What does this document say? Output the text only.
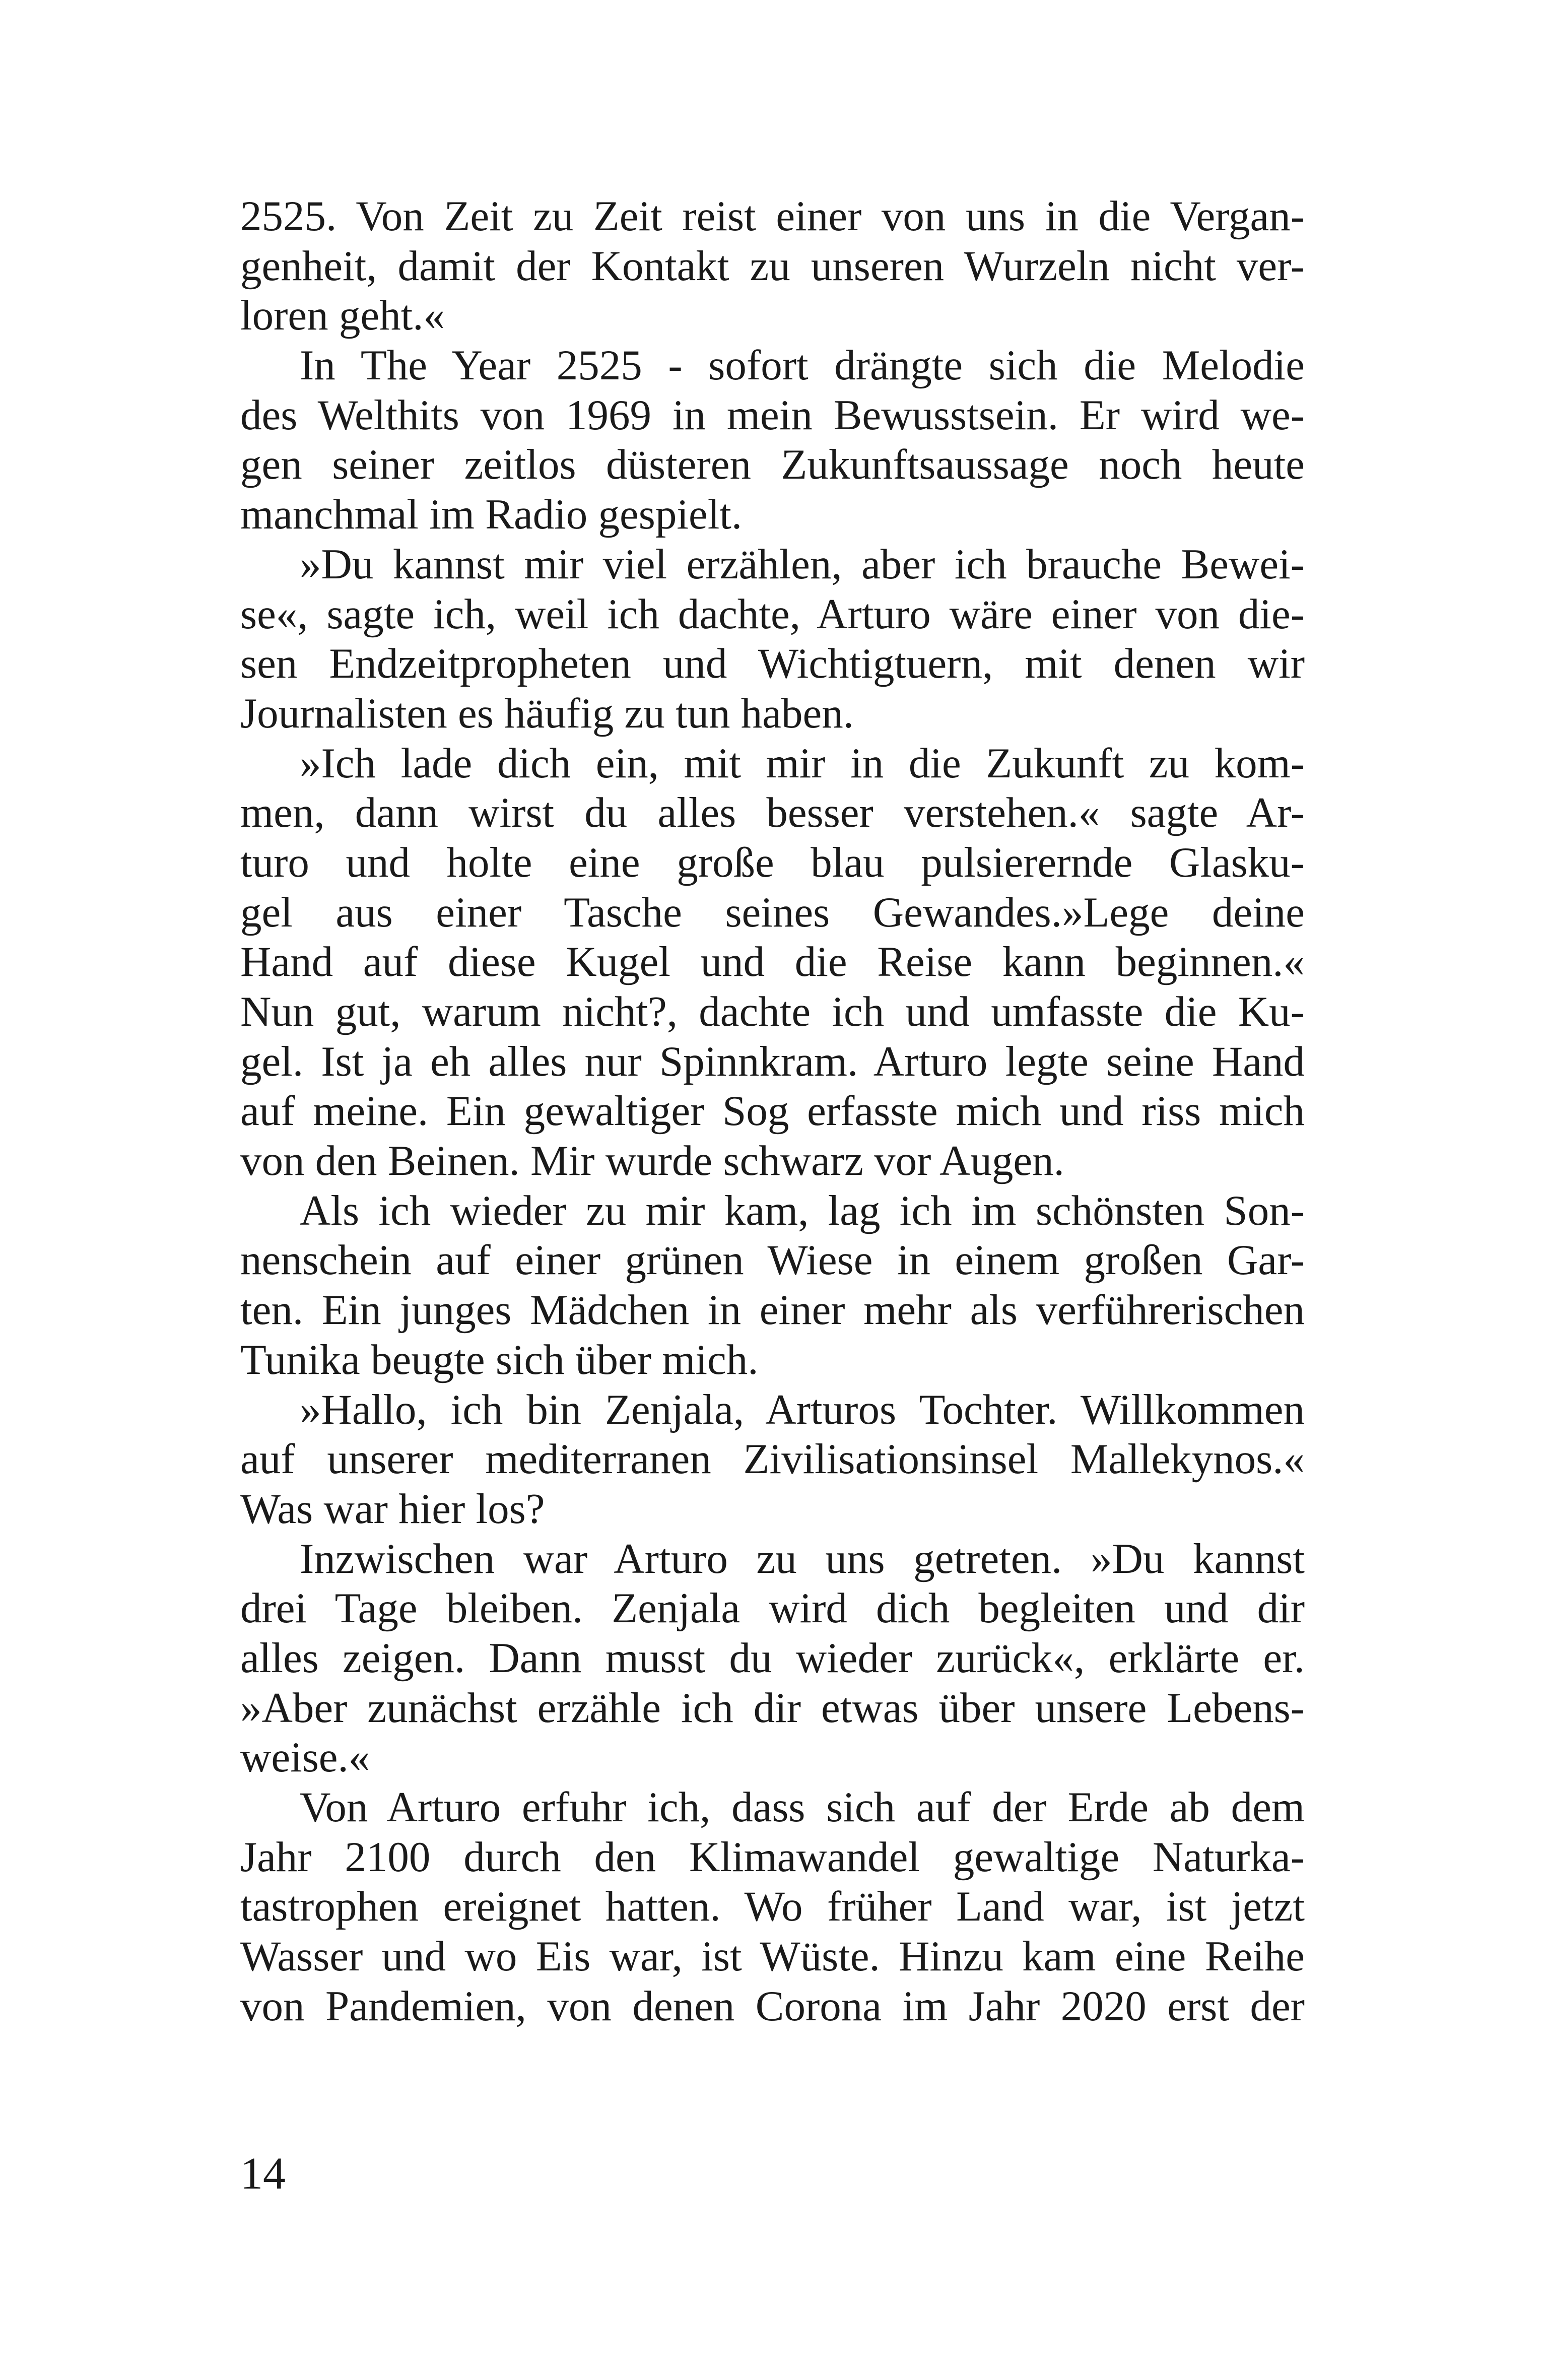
2525. Von Zeit zu Zeit reist einer von uns in die Vergan-
genheit, damit der Kontakt zu unseren Wurzeln nicht ver-
loren geht.«
In The Year 2525 - sofort drängte sich die Melodie
des Welthits von 1969 in mein Bewusstsein. Er wird we-
gen seiner zeitlos düsteren Zukunftsaussage noch heute
manchmal im Radio gespielt.
»Du kannst mir viel erzählen, aber ich brauche Bewei-
se«, sagte ich, weil ich dachte, Arturo wäre einer von die-
sen Endzeitpropheten und Wichtigtuern, mit denen wir
Journalisten es häufig zu tun haben.
»Ich lade dich ein, mit mir in die Zukunft zu kom-
men, dann wirst du alles besser verstehen.« sagte Ar-
turo und holte eine große blau pulsierernde Glasku-
gel aus einer Tasche seines Gewandes.»Lege deine
Hand auf diese Kugel und die Reise kann beginnen.«
Nun gut, warum nicht?, dachte ich und umfasste die Ku-
gel. Ist ja eh alles nur Spinnkram. Arturo legte seine Hand
auf meine. Ein gewaltiger Sog erfasste mich und riss mich
von den Beinen. Mir wurde schwarz vor Augen.
Als ich wieder zu mir kam, lag ich im schönsten Son-
nenschein auf einer grünen Wiese in einem großen Gar-
ten. Ein junges Mädchen in einer mehr als verführerischen
Tunika beugte sich über mich.
»Hallo, ich bin Zenjala, Arturos Tochter. Willkommen
auf unserer mediterranen Zivilisationsinsel Mallekynos.«
Was war hier los?
Inzwischen war Arturo zu uns getreten. »Du kannst
drei Tage bleiben. Zenjala wird dich begleiten und dir
alles zeigen. Dann musst du wieder zurück«, erklärte er.
»Aber zunächst erzähle ich dir etwas über unsere Lebens-
weise.«
Von Arturo erfuhr ich, dass sich auf der Erde ab dem
Jahr 2100 durch den Klimawandel gewaltige Naturka-
tastrophen ereignet hatten. Wo früher Land war, ist jetzt
Wasser und wo Eis war, ist Wüste. Hinzu kam eine Reihe
von Pandemien, von denen Corona im Jahr 2020 erst der
14
